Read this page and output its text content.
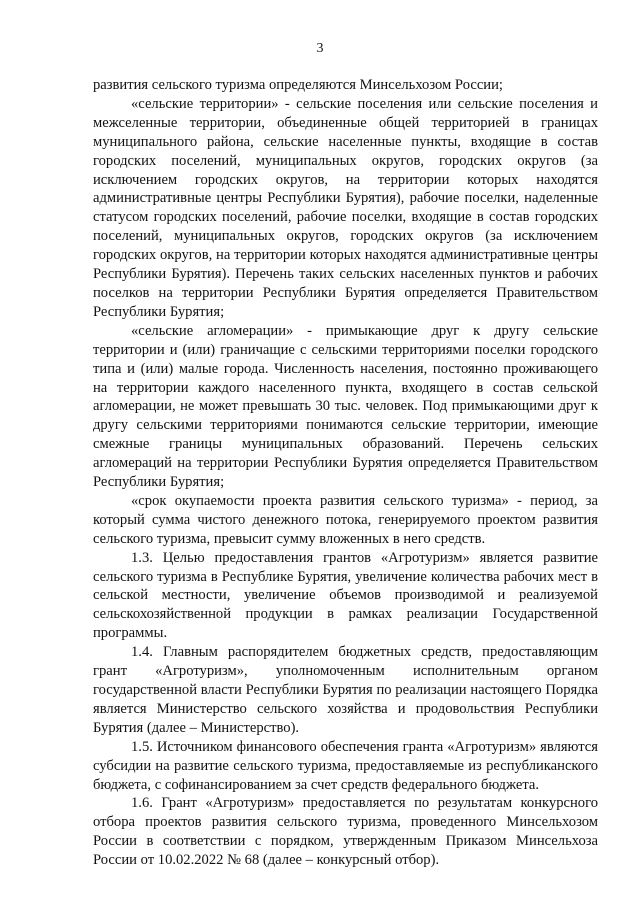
3

развития сельского туризма определяются Минсельхозом России;

«сельские территории» - сельские поселения или сельские поселения и межселенные территории, объединенные общей территорией в границах муниципального района, сельские населенные пункты, входящие в состав городских поселений, муниципальных округов, городских округов (за исключением городских округов, на территории которых находятся административные центры Республики Бурятия), рабочие поселки, наделенные статусом городских поселений, рабочие поселки, входящие в состав городских поселений, муниципальных округов, городских округов (за исключением городских округов, на территории которых находятся административные центры Республики Бурятия). Перечень таких сельских населенных пунктов и рабочих поселков на территории Республики Бурятия определяется Правительством Республики Бурятия;

«сельские агломерации» - примыкающие друг к другу сельские территории и (или) граничащие с сельскими территориями поселки городского типа и (или) малые города. Численность населения, постоянно проживающего на территории каждого населенного пункта, входящего в состав сельской агломерации, не может превышать 30 тыс. человек. Под примыкающими друг к другу сельскими территориями понимаются сельские территории, имеющие смежные границы муниципальных образований. Перечень сельских агломераций на территории Республики Бурятия определяется Правительством Республики Бурятия;

«срок окупаемости проекта развития сельского туризма» - период, за который сумма чистого денежного потока, генерируемого проектом развития сельского туризма, превысит сумму вложенных в него средств.

1.3. Целью предоставления грантов «Агротуризм» является развитие сельского туризма в Республике Бурятия, увеличение количества рабочих мест в сельской местности, увеличение объемов производимой и реализуемой сельскохозяйственной продукции в рамках реализации Государственной программы.

1.4. Главным распорядителем бюджетных средств, предоставляющим грант «Агротуризм», уполномоченным исполнительным органом государственной власти Республики Бурятия по реализации настоящего Порядка является Министерство сельского хозяйства и продовольствия Республики Бурятия (далее – Министерство).

1.5. Источником финансового обеспечения гранта «Агротуризм» являются субсидии на развитие сельского туризма, предоставляемые из республиканского бюджета, с софинансированием за счет средств федерального бюджета.

1.6. Грант «Агротуризм» предоставляется по результатам конкурсного отбора проектов развития сельского туризма, проведенного Минсельхозом России в соответствии с порядком, утвержденным Приказом Минсельхоза России от 10.02.2022 № 68 (далее – конкурсный отбор).
